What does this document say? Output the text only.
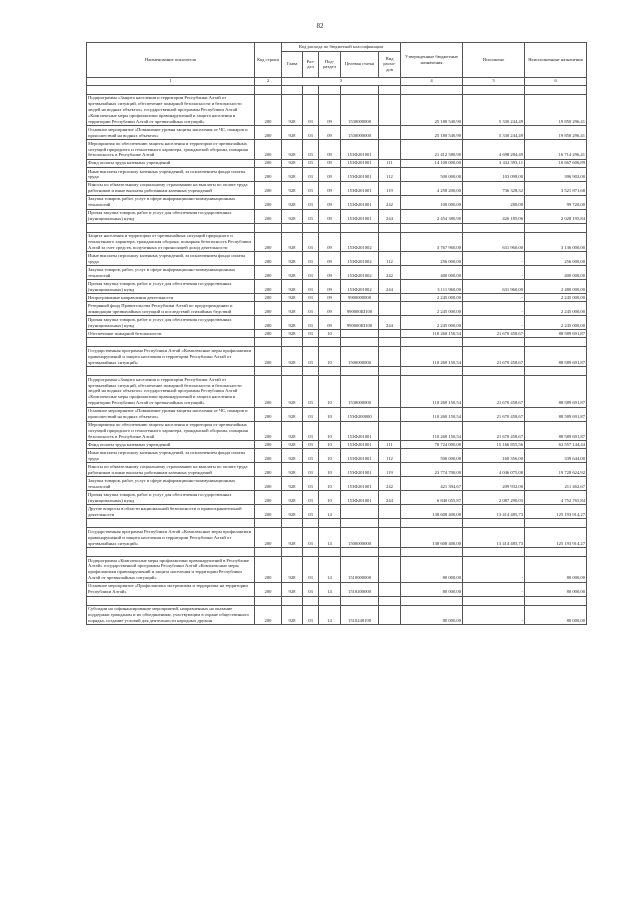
82
Наименование показателя	Код строки	Код расхода по бюджетной классификации					Утвержденные бюджетные назначения	Исполнено	Неисполненные назначения
		Глава	Раз-дел	Под-раздел	Целевая статья	Вид расхо-дов			
1	2	3					4	5	6

Подпрограмма «Защита населения и территории Республики Алтай от чрезвычайных ситуаций, обеспечение пожарной безопасности и безопасности людей на водных объектах» государственной программы Республики Алтай «Комплексные меры профилактики правонарушений и защита населения и территории Республики Алтай от чрезвычайных ситуаций»	200	928	03	09	1530000000		25 180 540,90	5 330 244,49	19 850 296,41
Основное мероприятие «Повышение уровня защиты населения от ЧС, пожаров и происшествий на водных объектах»	200	928	03	09	1530000000		25 180 540,90	5 330 244,49	19 850 296,41
Мероприятия по обеспечению защиты населения и территории от чрезвычайных ситуаций природного и техногенного характера, гражданской обороны, пожарная безопасность в Республике Алтай	200	928	03	09	153Ф201001		21 412 580,90	4 698 284,49	16 714 296,41
Фонд оплаты труда казенных учреждений	200	928	03	09	153Ф201001	111	14 100 000,00	3 432 393,11	10 667 606,89
Иные выплаты персоналу казенных учреждений, за исключением фонда оплаты труда	200	928	03	09	153Ф201001	112	500 000,00	103 098,00	396 902,00
Взносы по обязательному социальному страхованию на выплаты по оплате труда работников и иные выплаты работникам казенных учреждений	200	928	03	09	153Ф201001	119	4 258 200,00	736 328,32	3 521 871,68
Закупка товаров, работ, услуг в сфере информационно-коммуникационных технологий	200	928	03	09	153Ф201001	242	100 000,00	280,00	99 720,00
Прочая закупка товаров, работ и услуг для обеспечения государственных (муниципальных) нужд	200	928	03	09	153Ф201001	244	2 454 380,90	426 185,06	2 028 195,84

Защита населения и территории от чрезвычайных ситуаций природного и техногенного характера, гражданская оборона, пожарная безопасность Республики Алтай за счет средств, полученных от приносящей доход деятельности	200	928	03	09	153Ф201002		3 767 960,00	631 960,00	3 136 000,00
Иные выплаты персоналу казенных учреждений, за исключением фонда оплаты труда	200	928	03	09	153Ф201002	112	256 000,00	-	256 000,00
Закупка товаров, работ, услуг в сфере информационно-коммуникационных технологий	200	928	03	09	153Ф201002	242	400 000,00	-	400 000,00
Прочая закупка товаров, работ и услуг для обеспечения государственных (муниципальных) нужд	200	928	03	09	153Ф201002	244	3 111 960,00	631 960,00	2 480 000,00
Непрограммные направления деятельности	200	928	03	09	9900000000		2 245 000,00	-	2 245 000,00
Резервный фонд Правительства Республики Алтай по предупреждению и ликвидации чрезвычайных ситуаций и последствий стихийных бедствий	200	928	03	09	990000Ш100		2 245 000,00	-	2 245 000,00
Прочая закупка товаров, работ и услуг для обеспечения государственных (муниципальных) нужд	200	928	03	09	990000Ш100	244	2 245 000,00	-	2 245 000,00
Обеспечение пожарной безопасности	200	928	03	10			110 260 150,54	21 670 458,67	88 589 691,87

Государственная программа Республики Алтай «Комплексные меры профилактики правонарушений и защита населения и территории Республики Алтай от чрезвычайных ситуаций»	200	928	03	10	1500000000		110 260 150,54	21 670 458,67	88 589 691,87

Подпрограмма «Защита населения и территории Республики Алтай от чрезвычайных ситуаций, обеспечение пожарной безопасности и безопасности людей на водных объектах» государственной программы Республики Алтай «Комплексные меры профилактики правонарушений и защита населения и территории Республики Алтай от чрезвычайных ситуаций»	200	928	03	10	1530000000		110 260 150,54	21 670 458,67	88 589 691,87
Основное мероприятие «Повышение уровня защиты населения от ЧС, пожаров и происшествий на водных объектах»	200	928	03	10	153Ф200000		110 260 150,54	21 670 458,67	88 589 691,87
Мероприятия по обеспечению защиты населения и территории от чрезвычайных ситуаций природного и техногенного характера, гражданской обороны, пожарная безопасность в Республике Алтай	200	928	03	10	153Ф201001		110 260 150,54	21 670 458,67	88 589 691,87
Фонд оплаты труда казенных учреждений	200	928	03	10	153Ф201001	111	78 724 000,00	15 166 855,56	63 557 144,44
Иные выплаты персоналу казенных учреждений, за исключением фонда оплаты труда	200	928	03	10	153Ф201001	112	500 000,00	160 356,00	339 644,00
Взносы по обязательному социальному страхованию на выплаты по оплате труда работников и иные выплаты работникам казенных учреждений	200	928	03	10	153Ф201001	119	23 774 700,00	4 046 075,08	19 728 624,92
Закупка товаров, работ, услуг в сфере информационно-коммуникационных технологий	200	928	03	10	153Ф201001	242	421 394,67	209 932,00	211 462,67
Прочая закупка товаров, работ и услуг для обеспечения государственных (муниципальных) нужд	200	928	03	10	153Ф201001	244	6 840 055,87	2 087 290,03	4 752 765,84
Другие вопросы в области национальной безопасности и правоохранительной деятельности	200	928	03	14			138 608 400,00	13 414 485,73	125 193 914,27

Государственная программа Республики Алтай «Комплексные меры профилактики правонарушений и защита населения и территории Республики Алтай от чрезвычайных ситуаций»	200	928	03	14	1500000000		138 608 400,00	13 414 485,73	125 193 914,27

Подпрограмма «Комплексные меры профилактики правонарушений в Республике Алтай» государственной программы Республики Алтай «Комплексные меры профилактики правонарушений и защита населения и территории Республики Алтай от чрезвычайных ситуаций»	200	928	03	14	1510000000		80 000,00	-	80 000,00
Основное мероприятие «Профилактика экстремизма и терроризма на территории Республики Алтай»	200	928	03	14	1510200000		80 000,00	-	80 000,00

Субсидии на софинансирование мероприятий, направленных на оказание поддержки гражданам и их объединениям, участвующим в охране общественного порядка, создание условий для деятельности народных дружин	200	928	03	14	1510248190		80 000,00	-	80 000,00
